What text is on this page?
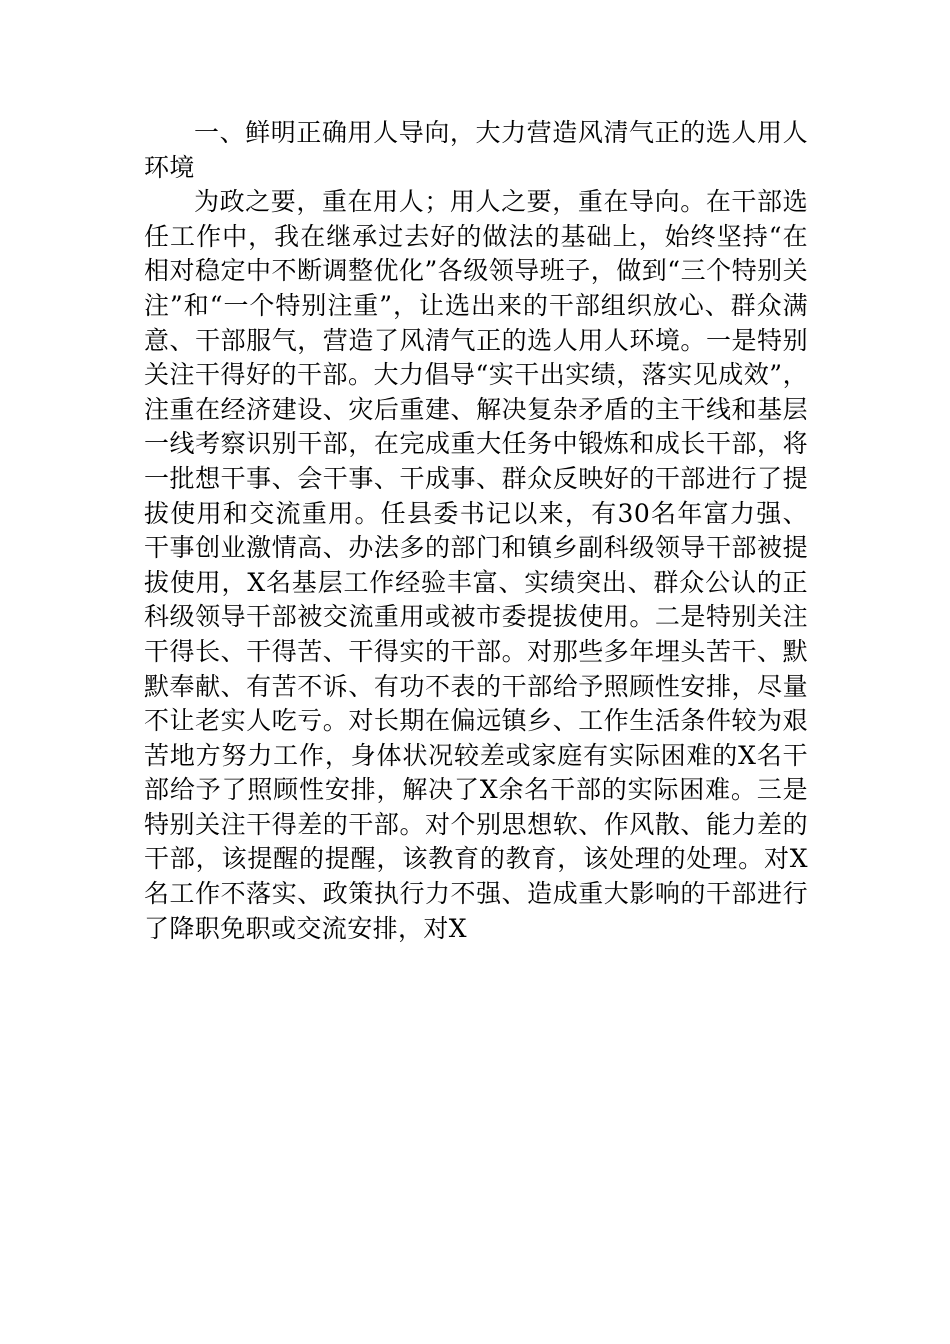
一、鲜明正确用人导向，大力营造风清气正的选人用人环境

为政之要，重在用人；用人之要，重在导向。在干部选任工作中，我在继承过去好的做法的基础上，始终坚持“在相对稳定中不断调整优化”各级领导班子，做到“三个特别关注”和“一个特别注重”，让选出来的干部组织放心、群众满意、干部服气，营造了风清气正的选人用人环境。一是特别关注干得好的干部。大力倡导“实干出实绩，落实见成效”，注重在经济建设、灾后重建、解决复杂矛盾的主干线和基层一线考察识别干部，在完成重大任务中锻炼和成长干部，将一批想干事、会干事、干成事、群众反映好的干部进行了提拔使用和交流重用。任县委书记以来，有30名年富力强、干事创业激情高、办法多的部门和镇乡副科级领导干部被提拔使用，X名基层工作经验丰富、实绩突出、群众公认的正科级领导干部被交流重用或被市委提拔使用。二是特别关注干得长、干得苦、干得实的干部。对那些多年埋头苦干、默默奉献、有苦不诉、有功不表的干部给予照顾性安排，尽量不让老实人吃亏。对长期在偏远镇乡、工作生活条件较为艰苦地方努力工作，身体状况较差或家庭有实际困难的X名干部给予了照顾性安排，解决了X余名干部的实际困难。三是特别关注干得差的干部。对个别思想软、作风散、能力差的干部，该提醒的提醒，该教育的教育，该处理的处理。对X名工作不落实、政策执行力不强、造成重大影响的干部进行了降职免职或交流安排，对X
